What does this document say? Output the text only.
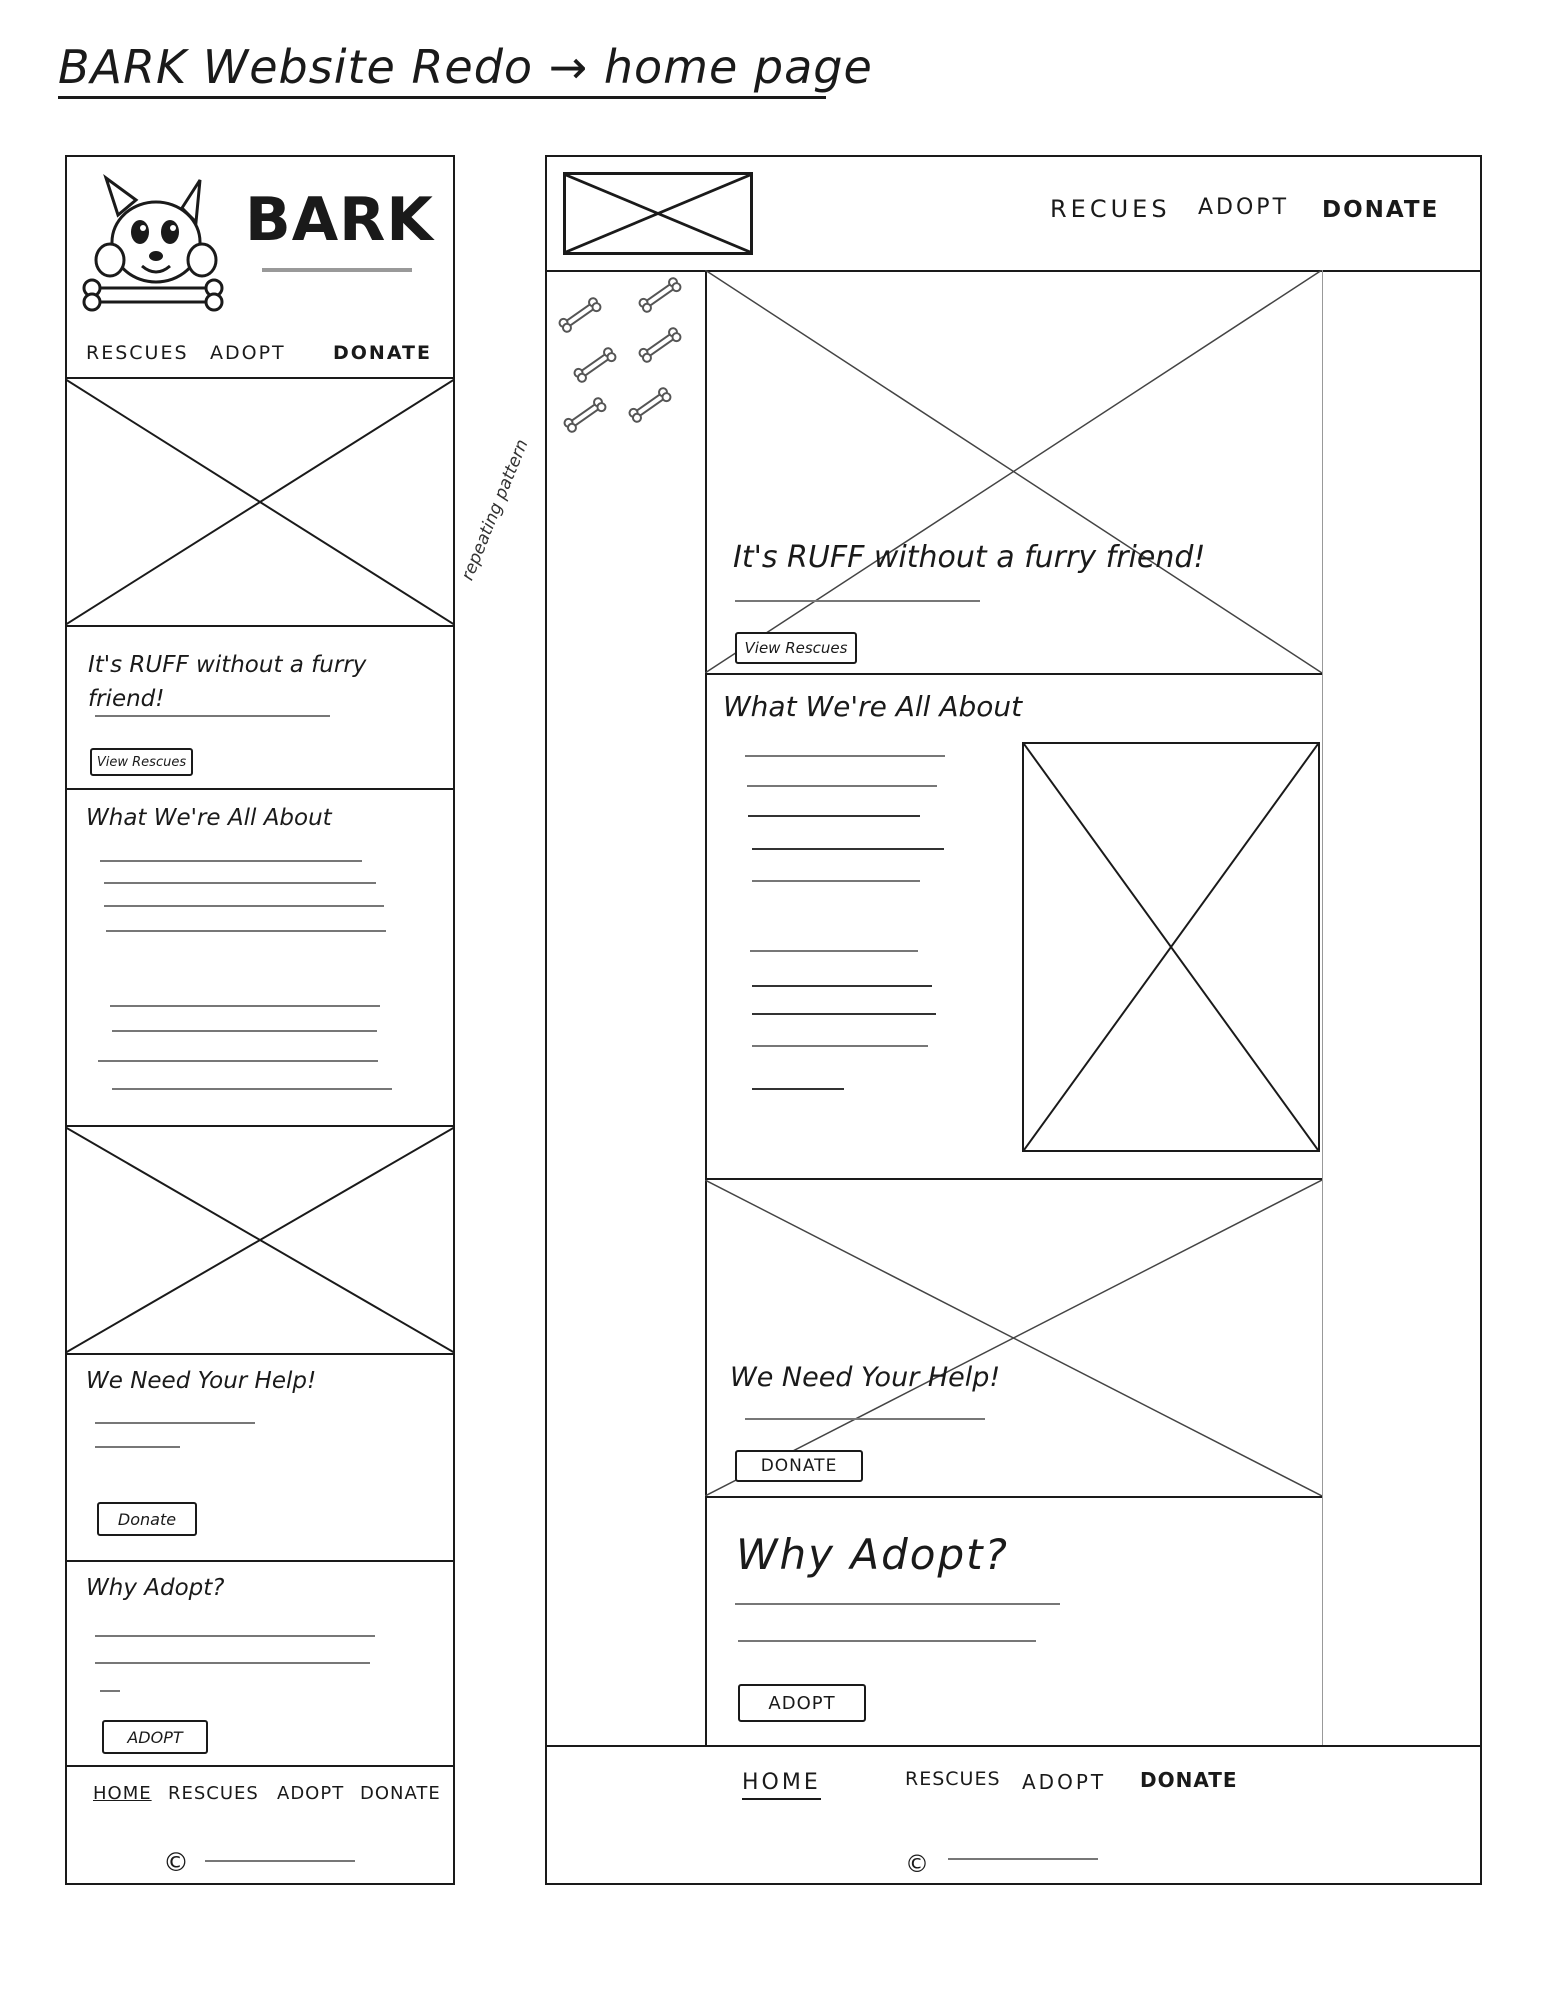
BARK Website Redo → home page
BARK
RESCUES ADOPT DONATE
It's RUFF without a furry friend!
View Rescues
What We're All About
We Need Your Help!
Donate
Why Adopt?
ADOPT
HOME RESCUES ADOPT DONATE
©
RECUES ADOPT DONATE
repeating pattern	It's RUFF without a furry friend!
View Rescues
What We're All About
We Need Your Help!
DONATE
Why Adopt?
ADOPT
HOME	RESCUES ADOPT DONATE
©
